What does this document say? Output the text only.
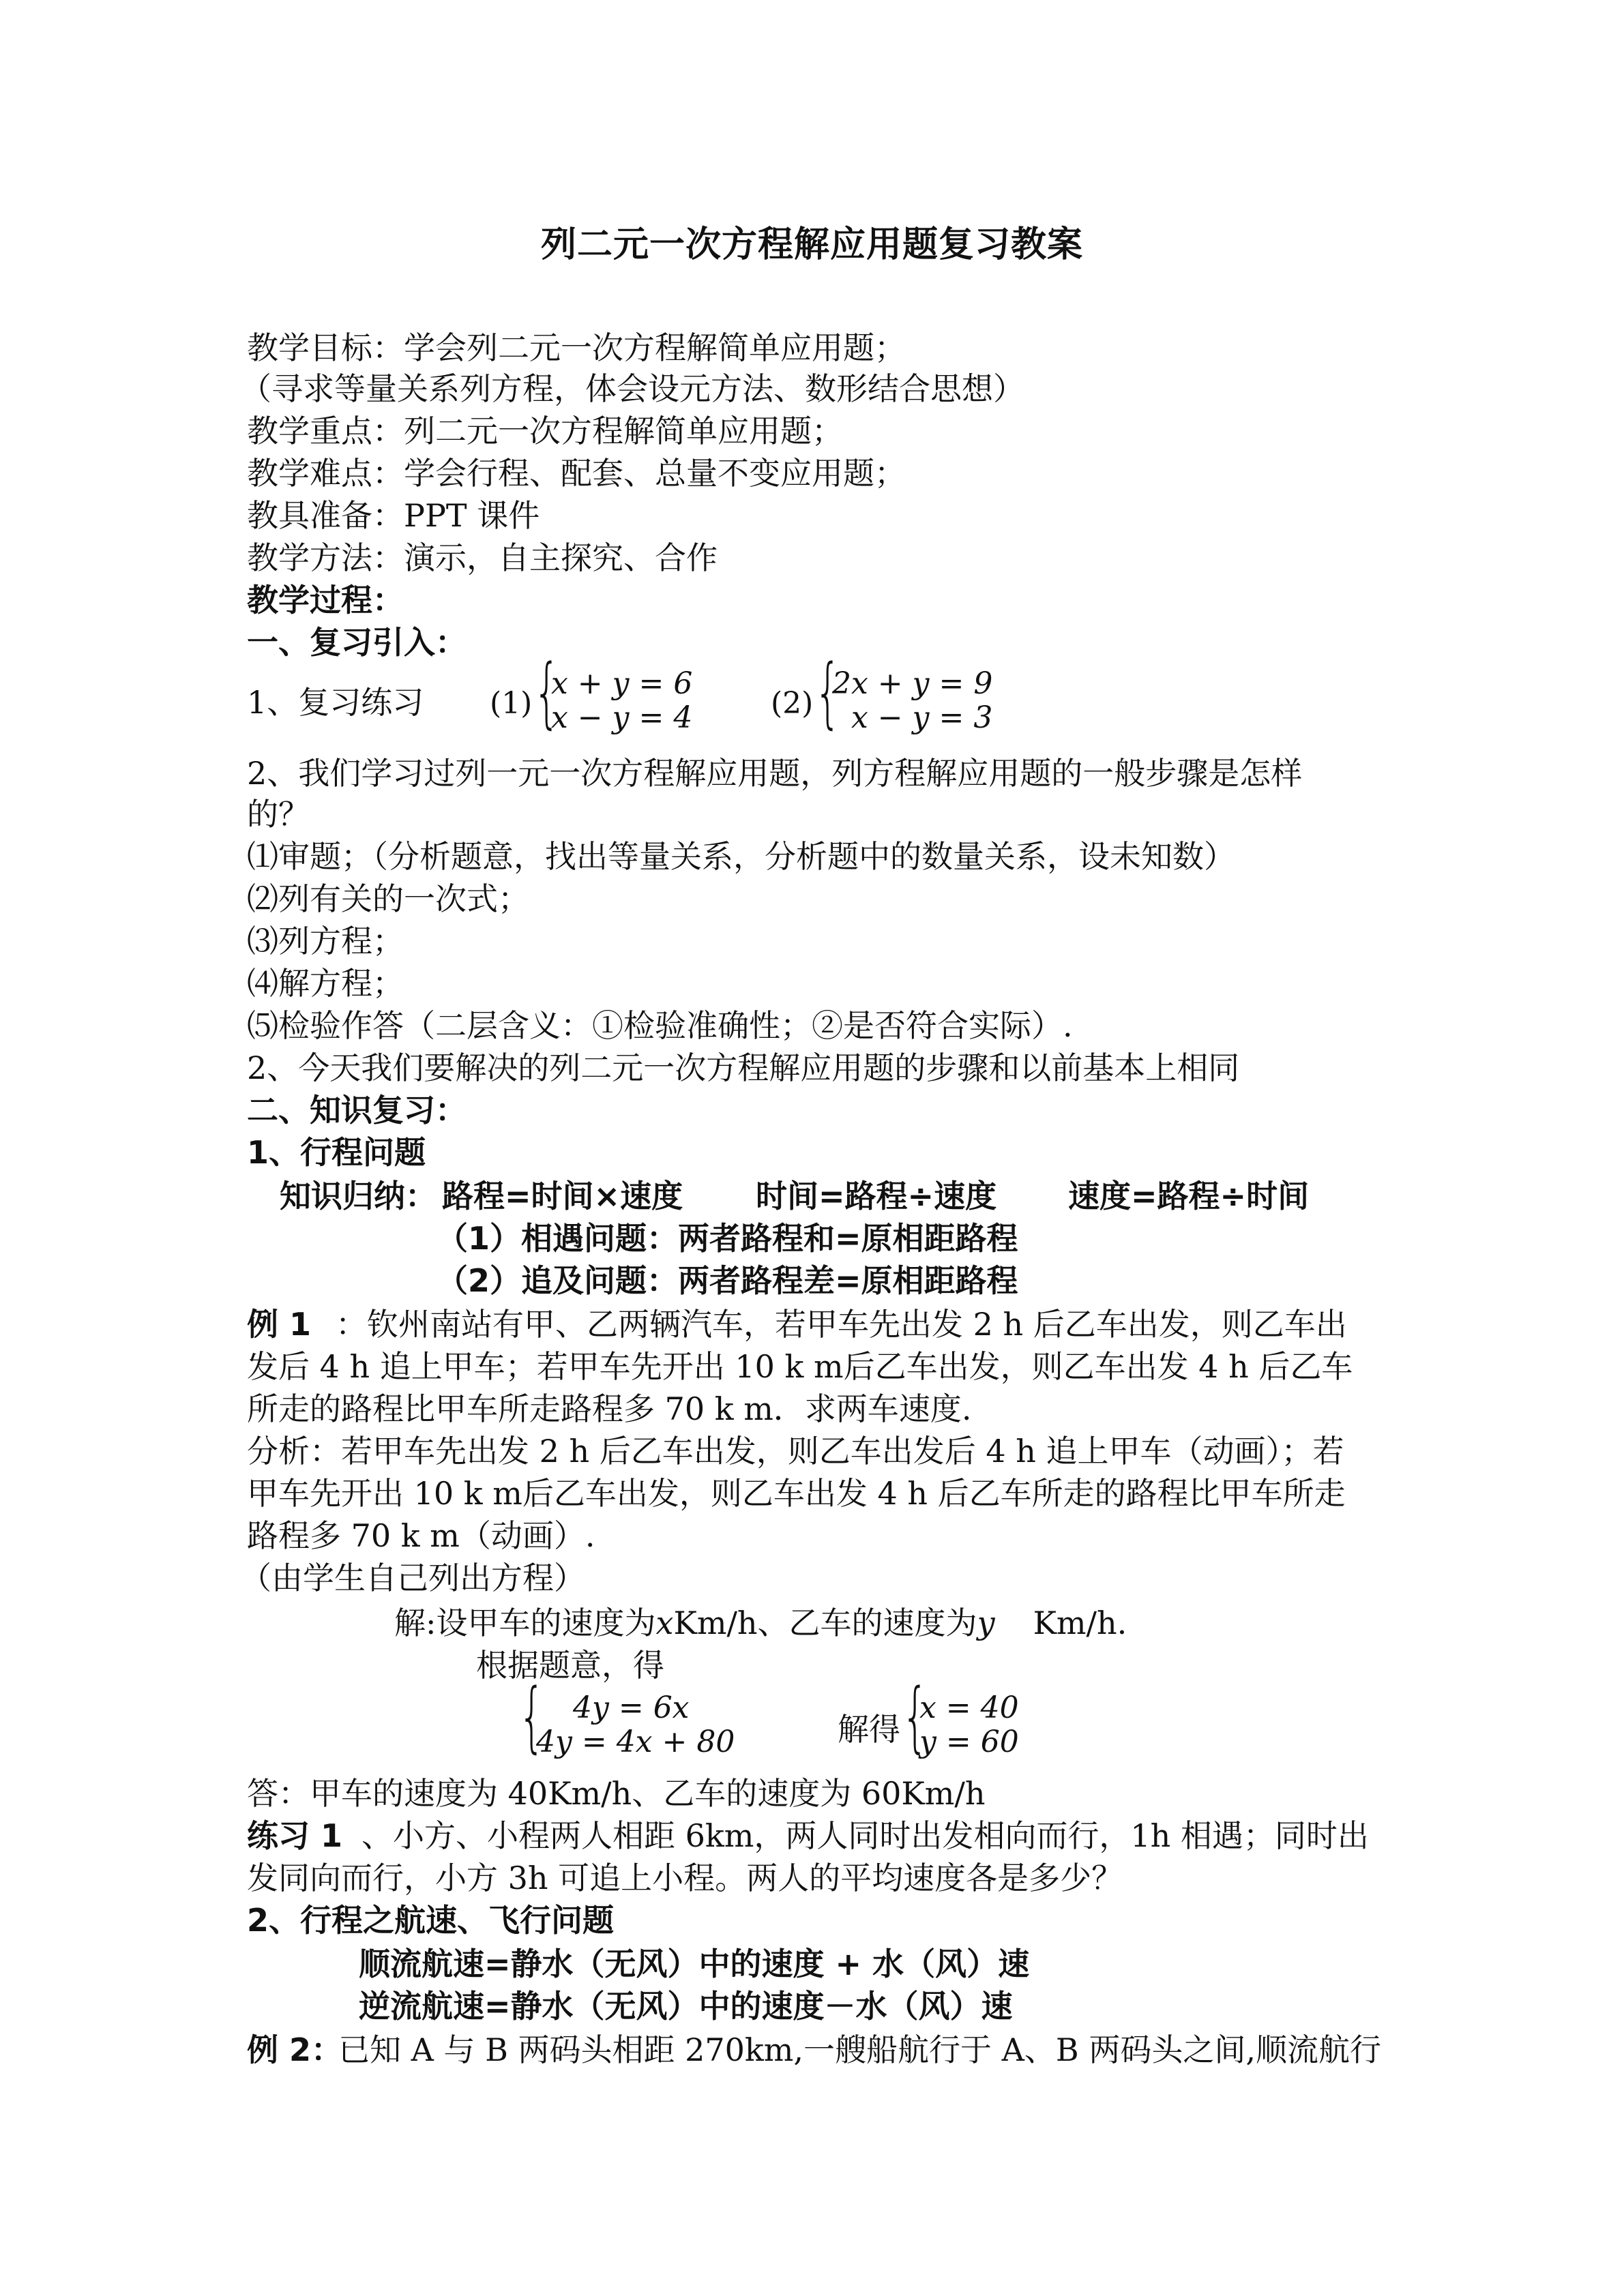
列二元一次方程解应用题复习教案
教学目标：学会列二元一次方程解简单应用题；
（寻求等量关系列方程，体会设元方法、数形结合思想）
教学重点：列二元一次方程解简单应用题；
教学难点：学会行程、配套、总量不变应用题；
教具准备：PPT 课件
教学方法：演示，自主探究、合作
教学过程：
一、复习引入：
1、复习练习 (1) {
x + y = 6
x − y = 4	(2) {
2x + y = 9
x − y = 3
2、我们学习过列一元一次方程解应用题，列方程解应用题的一般步骤是怎样
的？
⑴审题；（分析题意，找出等量关系，分析题中的数量关系，设未知数）
⑵列有关的一次式；
⑶列方程；
⑷解方程；
⑸检验作答（二层含义：①检验准确性；②是否符合实际）.
2、今天我们要解决的列二元一次方程解应用题的步骤和以前基本上相同
二、知识复习：
1、行程问题
知识归纳： 路程=时间×速度 时间=路程÷速度 速度=路程÷时间
（1）相遇问题：两者路程和=原相距路程
（2）追及问题：两者路程差=原相距路程
例 1 ：钦州南站有甲、乙两辆汽车，若甲车先出发 2 h 后乙车出发，则乙车出
发后 4 h 追上甲车；若甲车先开出 10 k m后乙车出发，则乙车出发 4 h 后乙车
所走的路程比甲车所走路程多 70 k m．求两车速度.
分析：若甲车先出发 2 h 后乙车出发，则乙车出发后 4 h 追上甲车（动画）；若
甲车先开出 10 k m后乙车出发，则乙车出发 4 h 后乙车所走的路程比甲车所走
路程多 70 k m（动画）.
（由学生自己列出方程）
解:设甲车的速度为xKm/h、乙车的速度为y Km/h.
根据题意，得
{ 4y = 6x
4y = 4x + 80	解得 {
x = 40
y = 60
答：甲车的速度为 40Km/h、乙车的速度为 60Km/h
练习 1 、小方、小程两人相距 6km，两人同时出发相向而行，1h 相遇；同时出
发同向而行，小方 3h 可追上小程。两人的平均速度各是多少？
2、行程之航速、飞行问题
顺流航速=静水（无风）中的速度 + 水（风）速
逆流航速=静水（无风）中的速度－水（风）速
例 2：
已知 A 与 B 两码头相距 270km,一艘船航行于 A、B 两码头之间,顺流航行
